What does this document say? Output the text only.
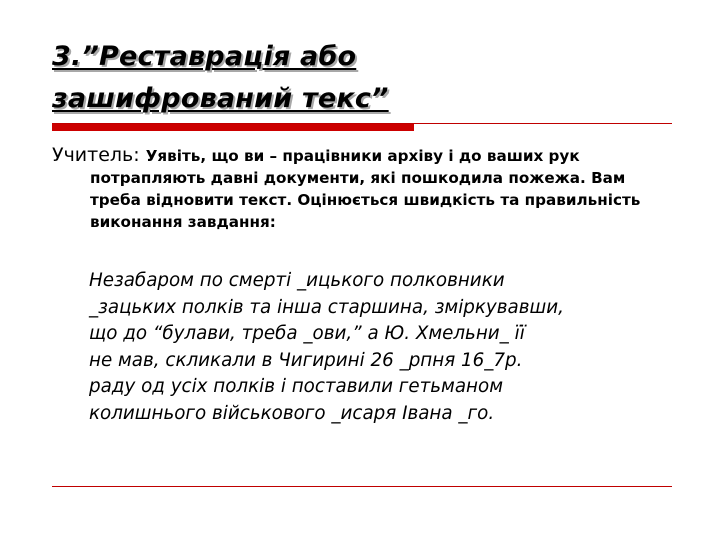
3.”Реставрація або
зашифрований текс”

Учитель: Уявіть, що ви – працівники архіву і до ваших рук потрапляють давні документи, які пошкодила пожежа. Вам треба відновити текст. Оцінюється швидкість та правильність виконання завдання:

Незабаром по смерті _ицького полковники
_зацьких полків та інша старшина, зміркувавши,
що до “булави, треба _ови,” а Ю. Хмельни_ її
не мав, скликали в Чигирині 26 _рпня 16_7р.
раду од усіх полків і поставили гетьманом
колишнього військового _исаря Івана _го.
